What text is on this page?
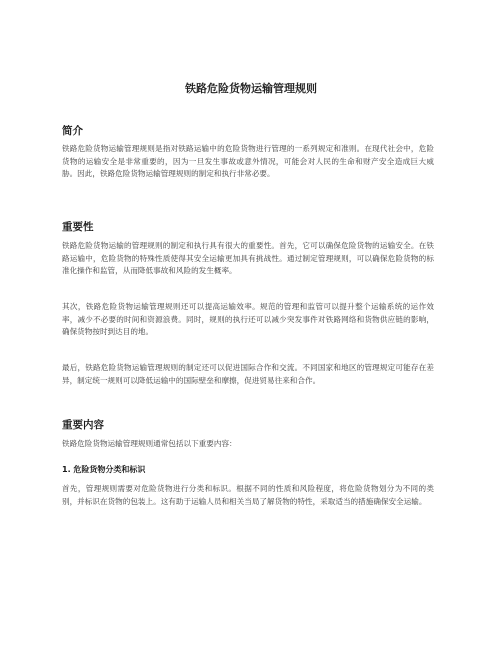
铁路危险货物运输管理规则
简介

铁路危险货物运输管理规则是指对铁路运输中的危险货物进行管理的一系列规定和准则。在现代社会中，危险货物的运输安全是非常重要的，因为一旦发生事故或意外情况，可能会对人民的生命和财产安全造成巨大威胁。因此，铁路危险货物运输管理规则的制定和执行非常必要。

重要性

铁路危险货物运输的管理规则的制定和执行具有很大的重要性。首先，它可以确保危险货物的运输安全。在铁路运输中，危险货物的特殊性质使得其安全运输更加具有挑战性。通过制定管理规则，可以确保危险货物的标准化操作和监管，从而降低事故和风险的发生概率。

其次，铁路危险货物运输管理规则还可以提高运输效率。规范的管理和监管可以提升整个运输系统的运作效率，减少不必要的时间和资源浪费。同时，规则的执行还可以减少突发事件对铁路网络和货物供应链的影响，确保货物按时到达目的地。

最后，铁路危险货物运输管理规则的制定还可以促进国际合作和交流。不同国家和地区的管理规定可能存在差异，制定统一规则可以降低运输中的国际壁垒和摩擦，促进贸易往来和合作。

重要内容

铁路危险货物运输管理规则通常包括以下重要内容：

1. 危险货物分类和标识

首先，管理规则需要对危险货物进行分类和标识。根据不同的性质和风险程度，将危险货物划分为不同的类别，并标识在货物的包装上。这有助于运输人员和相关当局了解货物的特性，采取适当的措施确保安全运输。
